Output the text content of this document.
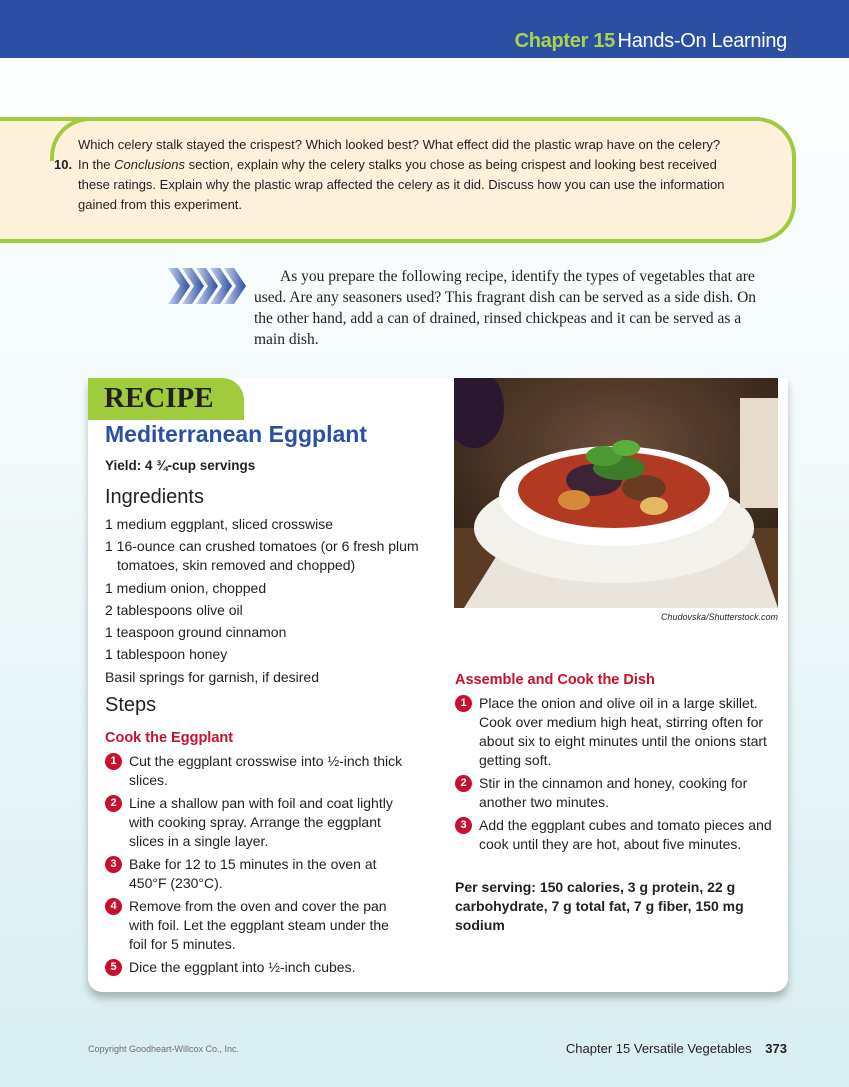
Chapter 15 Hands-On Learning

Which celery stalk stayed the crispest? Which looked best? What effect did the plastic wrap have on the celery?

10. In the Conclusions section, explain why the celery stalks you chose as being crispest and looking best received these ratings. Explain why the plastic wrap affected the celery as it did. Discuss how you can use the information gained from this experiment.

As you prepare the following recipe, identify the types of vegetables that are used. Are any seasoners used? This fragrant dish can be served as a side dish. On the other hand, add a can of drained, rinsed chickpeas and it can be served as a main dish.

RECIPE
Mediterranean Eggplant
Yield: 4 ¾-cup servings
Ingredients
1 medium eggplant, sliced crosswise
1 16-ounce can crushed tomatoes (or 6 fresh plum tomatoes, skin removed and chopped)
1 medium onion, chopped
2 tablespoons olive oil
1 teaspoon ground cinnamon
1 tablespoon honey
Basil springs for garnish, if desired
Steps
Cook the Eggplant
1 Cut the eggplant crosswise into ½-inch thick slices.
2 Line a shallow pan with foil and coat lightly with cooking spray. Arrange the eggplant slices in a single layer.
3 Bake for 12 to 15 minutes in the oven at 450°F (230°C).
4 Remove from the oven and cover the pan with foil. Let the eggplant steam under the foil for 5 minutes.
5 Dice the eggplant into ½-inch cubes.
Chudovska/Shutterstock.com
Assemble and Cook the Dish
1 Place the onion and olive oil in a large skillet. Cook over medium high heat, stirring often for about six to eight minutes until the onions start getting soft.
2 Stir in the cinnamon and honey, cooking for another two minutes.
3 Add the eggplant cubes and tomato pieces and cook until they are hot, about five minutes.
Per serving: 150 calories, 3 g protein, 22 g carbohydrate, 7 g total fat, 7 g fiber, 150 mg sodium
Copyright Goodheart-Willcox Co., Inc.	Chapter 15 Versatile Vegetables 373
